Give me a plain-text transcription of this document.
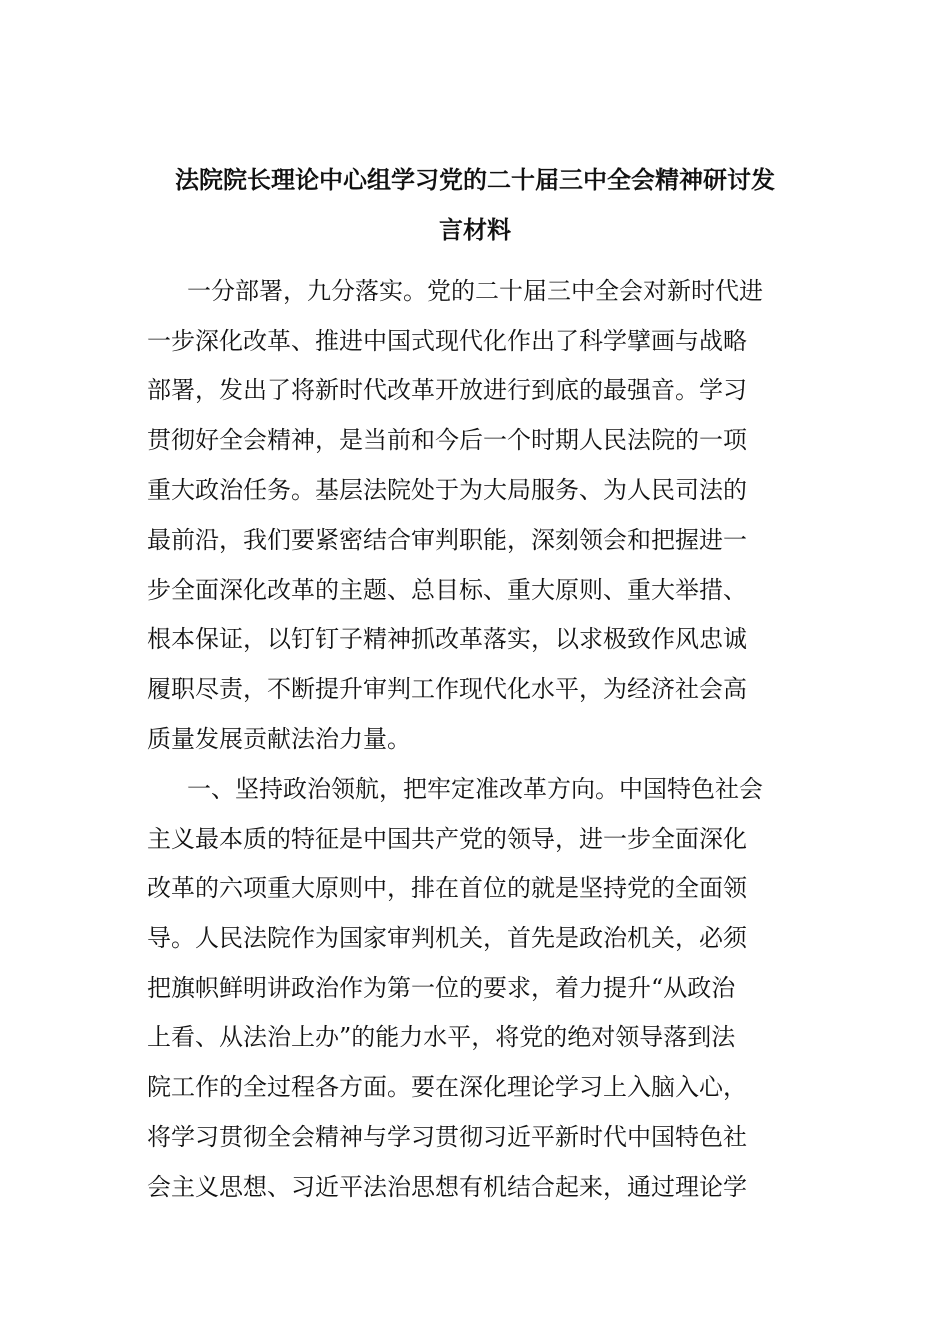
法院院长理论中心组学习党的二十届三中全会精神研讨发
言材料
一分部署，九分落实。党的二十届三中全会对新时代进
一步深化改革、推进中国式现代化作出了科学擘画与战略
部署，发出了将新时代改革开放进行到底的最强音。学习
贯彻好全会精神，是当前和今后一个时期人民法院的一项
重大政治任务。基层法院处于为大局服务、为人民司法的
最前沿，我们要紧密结合审判职能，深刻领会和把握进一
步全面深化改革的主题、总目标、重大原则、重大举措、
根本保证，以钉钉子精神抓改革落实，以求极致作风忠诚
履职尽责，不断提升审判工作现代化水平，为经济社会高
质量发展贡献法治力量。
一、坚持政治领航，把牢定准改革方向。中国特色社会
主义最本质的特征是中国共产党的领导，进一步全面深化
改革的六项重大原则中，排在首位的就是坚持党的全面领
导。人民法院作为国家审判机关，首先是政治机关，必须
把旗帜鲜明讲政治作为第一位的要求，着力提升“从政治
上看、从法治上办”的能力水平，将党的绝对领导落到法
院工作的全过程各方面。要在深化理论学习上入脑入心，
将学习贯彻全会精神与学习贯彻习近平新时代中国特色社
会主义思想、习近平法治思想有机结合起来，通过理论学
